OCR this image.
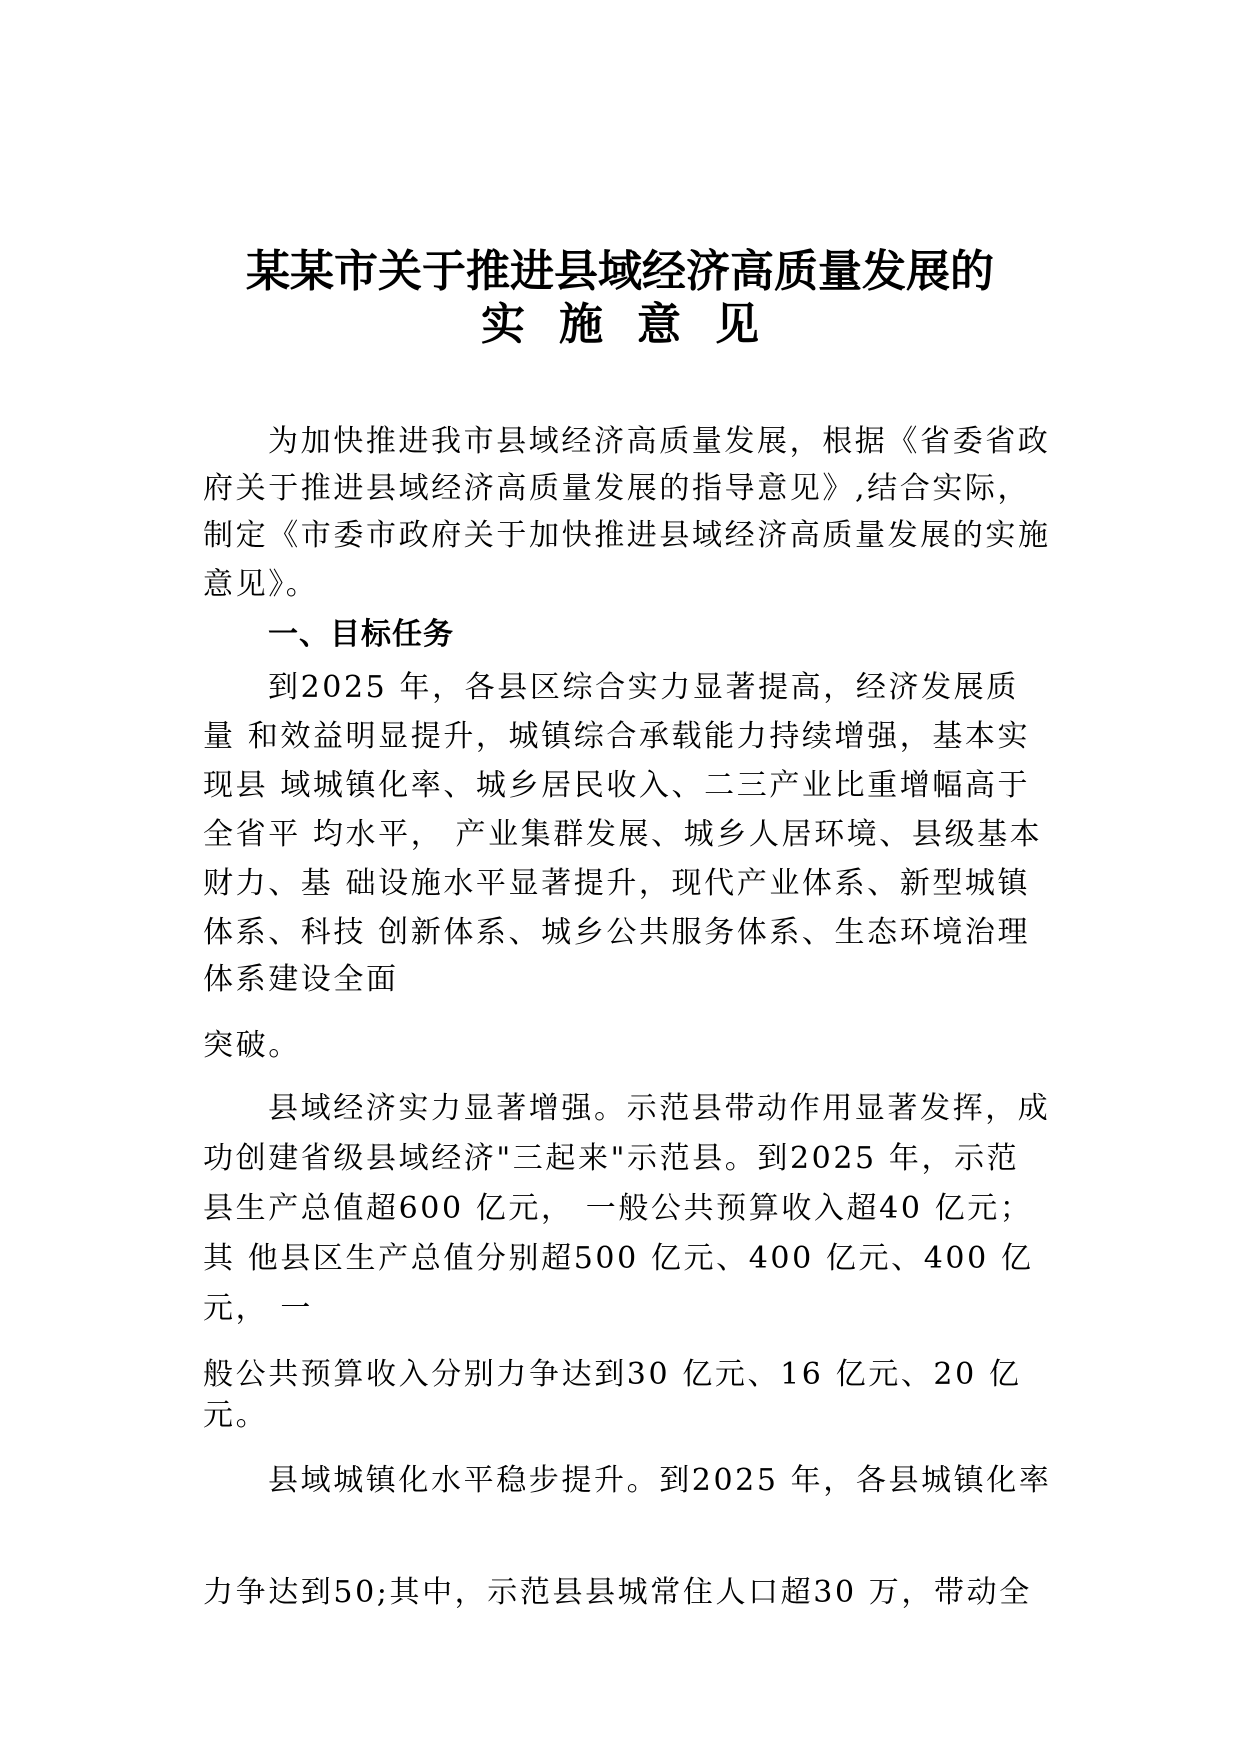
某某市关于推进县域经济高质量发展的
实施意见
为加快推进我市县域经济高质量发展，根据《省委省政
府关于推进县域经济高质量发展的指导意见》,结合实际，
制定《市委市政府关于加快推进县域经济高质量发展的实施
意见》。
一、目标任务
到2025 年，各县区综合实力显著提高，经济发展质
量 和效益明显提升，城镇综合承载能力持续增强，基本实
现县 域城镇化率、城乡居民收入、二三产业比重增幅高于
全省平 均水平， 产业集群发展、城乡人居环境、县级基本
财力、基 础设施水平显著提升，现代产业体系、新型城镇
体系、科技 创新体系、城乡公共服务体系、生态环境治理
体系建设全面
突破。
县域经济实力显著增强。示范县带动作用显著发挥，成
功创建省级县域经济"三起来"示范县。到2025 年，示范
县生产总值超600 亿元， 一般公共预算收入超40 亿元；
其 他县区生产总值分别超500 亿元、400 亿元、400 亿
元， 一
般公共预算收入分别力争达到30 亿元、16 亿元、20 亿
元。
县域城镇化水平稳步提升。到2025 年，各县城镇化率
力争达到50;其中，示范县县城常住人口超30 万，带动全
